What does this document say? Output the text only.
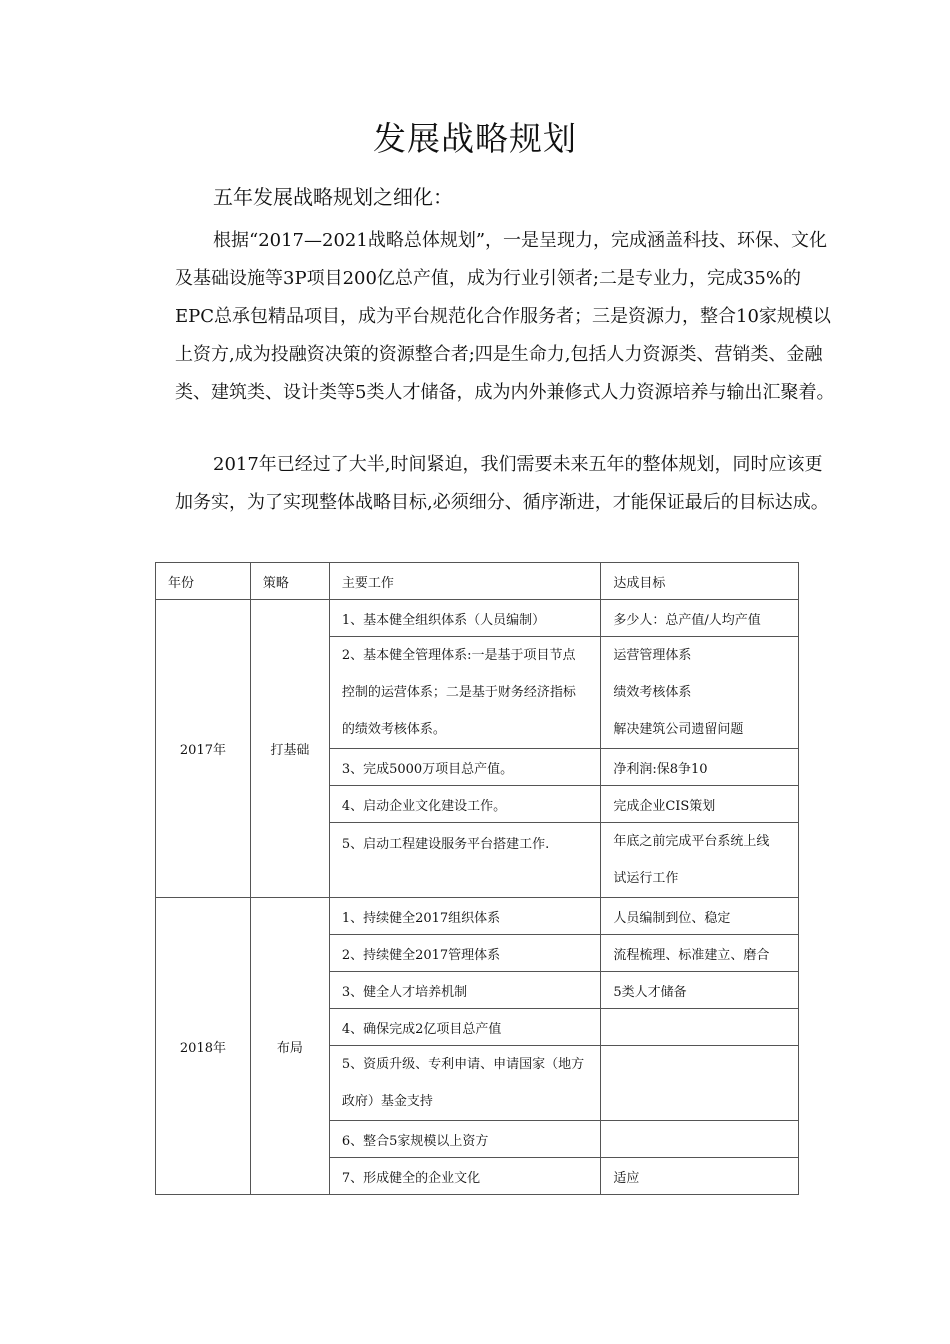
发展战略规划
五年发展战略规划之细化：

根据“2017—2021战略总体规划”，一是呈现力，完成涵盖科技、环保、文化及基础设施等3P项目200亿总产值，成为行业引领者;二是专业力，完成35%的EPC总承包精品项目，成为平台规范化合作服务者；三是资源力，整合10家规模以上资方,成为投融资决策的资源整合者;四是生命力,包括人力资源类、营销类、金融类、建筑类、设计类等5类人才储备，成为内外兼修式人力资源培养与输出汇聚着。

2017年已经过了大半,时间紧迫，我们需要未来五年的整体规划，同时应该更加务实，为了实现整体战略目标,必须细分、循序渐进，才能保证最后的目标达成。

年份	策略	主要工作	达成目标
2017年	打基础	1、基本健全组织体系（人员编制）	多少人：总产值/人均产值
		2、基本健全管理体系:一是基于项目节点控制的运营体系；二是基于财务经济指标的绩效考核体系。	运营管理体系
绩效考核体系
解决建筑公司遗留问题

		3、完成5000万项目总产值。	净利润:保8争10
		4、启动企业文化建设工作。	完成企业CIS策划
		5、启动工程建设服务平台搭建工作.	年底之前完成平台系统上线
试运行工作

2018年	布局	1、持续健全2017组织体系	人员编制到位、稳定
		2、持续健全2017管理体系	流程梳理、标准建立、磨合
		3、健全人才培养机制	5类人才储备
		4、确保完成2亿项目总产值	
		5、资质升级、专利申请、申请国家（地方政府）基金支持	
		6、整合5家规模以上资方	
		7、形成健全的企业文化	适应
